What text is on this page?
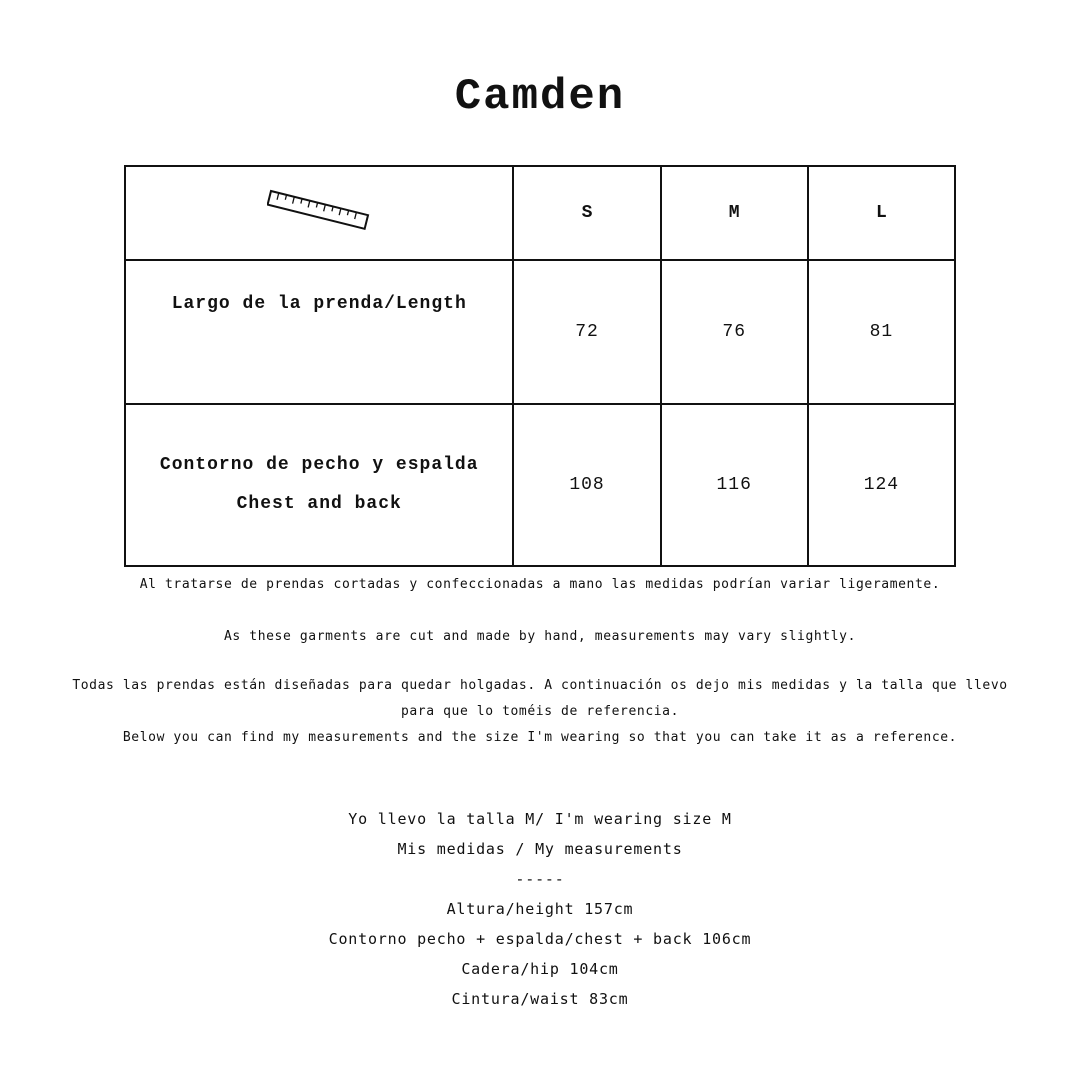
Camden
	S	M	L

Largo de la prenda/Length	72	76	81

Contorno de pecho y espalda
Chest and back	108	116	124
Al tratarse de prendas cortadas y confeccionadas a mano las medidas podrían variar ligeramente.
As these garments are cut and made by hand, measurements may vary slightly.
Todas las prendas están diseñadas para quedar holgadas. A continuación os dejo mis medidas y la talla que llevo
para que lo toméis de referencia.
Below you can find my measurements and the size I'm wearing so that you can take it as a reference.
Yo llevo la talla M/ I'm wearing size M
Mis medidas / My measurements
-----
Altura/height 157cm
Contorno pecho + espalda/chest + back 106cm
Cadera/hip 104cm
Cintura/waist 83cm
